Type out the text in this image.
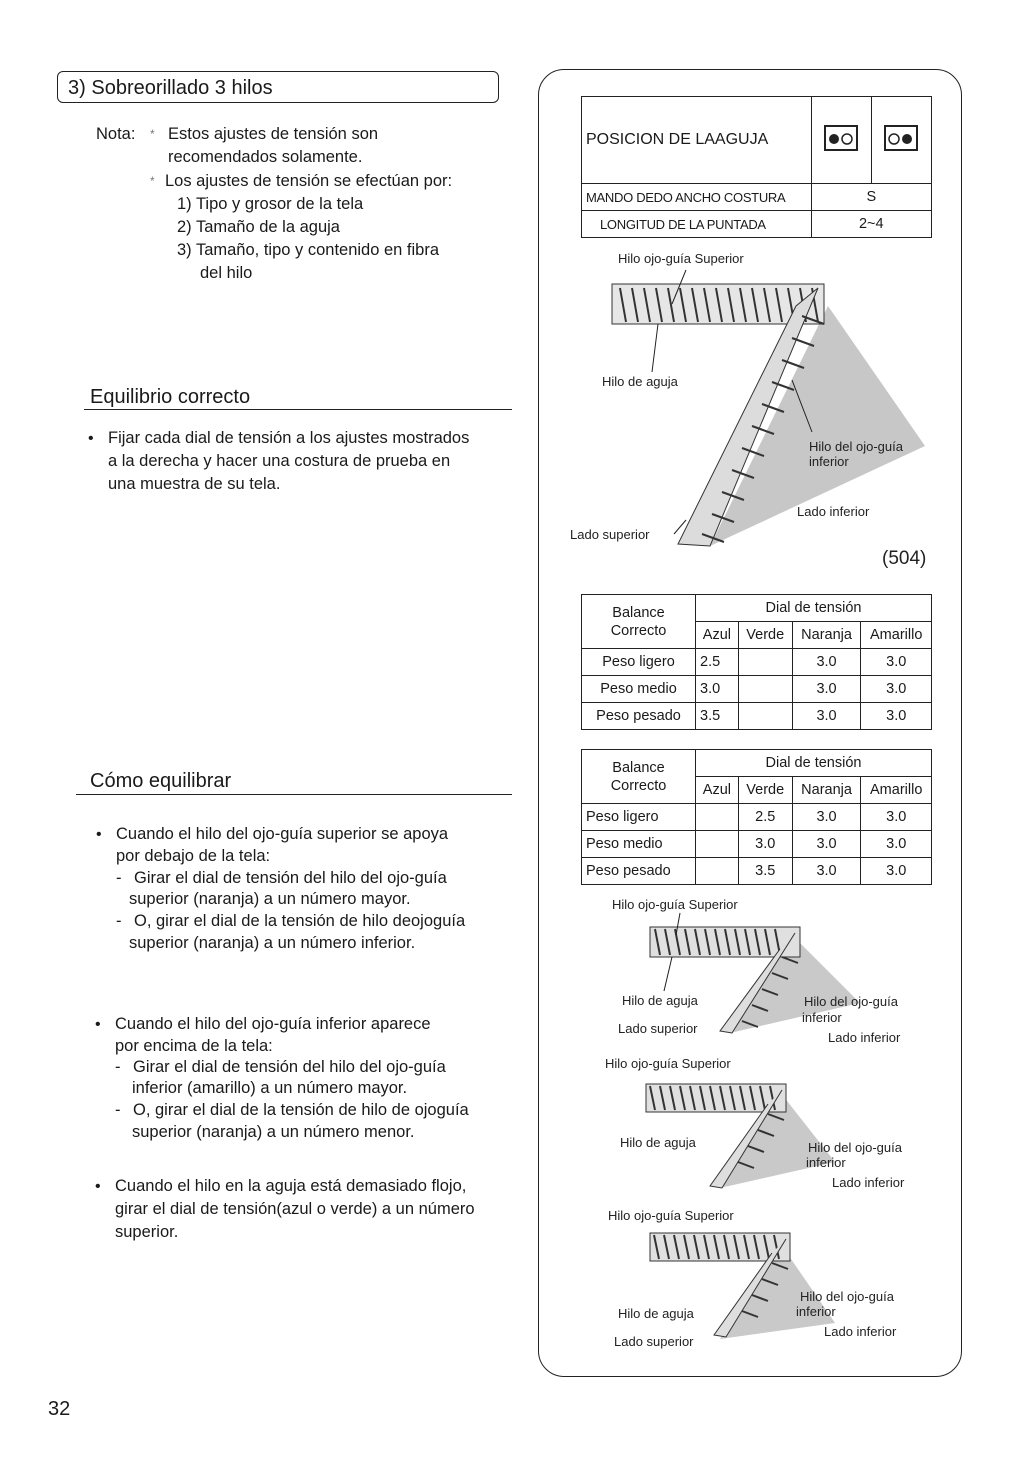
3) Sobreorillado 3 hilos
Nota: * Estos ajustes de tensión son
recomendados solamente.
* Los ajustes de tensión se efectúan por:
1) Tipo y grosor de la tela
2) Tamaño de la aguja
3) Tamaño, tipo y contenido en fibra
del hilo
Equilibrio correcto
• Fijar cada dial de tensión a los ajustes mostrados
a la derecha y hacer una costura de prueba en
una muestra de su tela.
Cómo equilibrar
• Cuando el hilo del ojo-guía superior se apoya
por debajo de la tela:
- Girar el dial de tensión del hilo del ojo-guía
superior (naranja) a un número mayor.
- O, girar el dial de la tensión de hilo deojoguía
superior (naranja) a un número inferior.
• Cuando el hilo del ojo-guía inferior aparece
por encima de la tela:
- Girar el dial de tensión del hilo del ojo-guía
inferior (amarillo) a un número mayor.
- O, girar el dial de la tensión de hilo de ojoguía
superior (naranja) a un número menor.
• Cuando el hilo en la aguja está demasiado flojo,
girar el dial de tensión(azul o verde) a un número
superior.
POSICION DE LAAGUJA		
MANDO DEDO ANCHO COSTURA	S	
LONGITUD DE LA PUNTADA	2~4	
Hilo ojo-guía Superior
Hilo de aguja
Hilo del ojo-guía
inferior
Lado inferior
Lado superior
(504)
Balance
Correcto	Dial de tensión			
	Azul	Verde	Naranja	Amarillo
Peso ligero	2.5		3.0	3.0
Peso medio	3.0		3.0	3.0
Peso pesado	3.5		3.0	3.0
Balance
Correcto	Dial de tensión			
	Azul	Verde	Naranja	Amarillo
Peso ligero		2.5	3.0	3.0
Peso medio		3.0	3.0	3.0
Peso pesado		3.5	3.0	3.0
Hilo ojo-guía Superior
Hilo de aguja
Lado superior
Hilo del ojo-guía
inferior
Lado inferior
Hilo ojo-guía Superior
Hilo de aguja	Hilo del ojo-guía
inferior
Lado inferior
Hilo ojo-guía Superior
Hilo de aguja
Lado superior
Hilo del ojo-guía
inferior
Lado inferior
32
